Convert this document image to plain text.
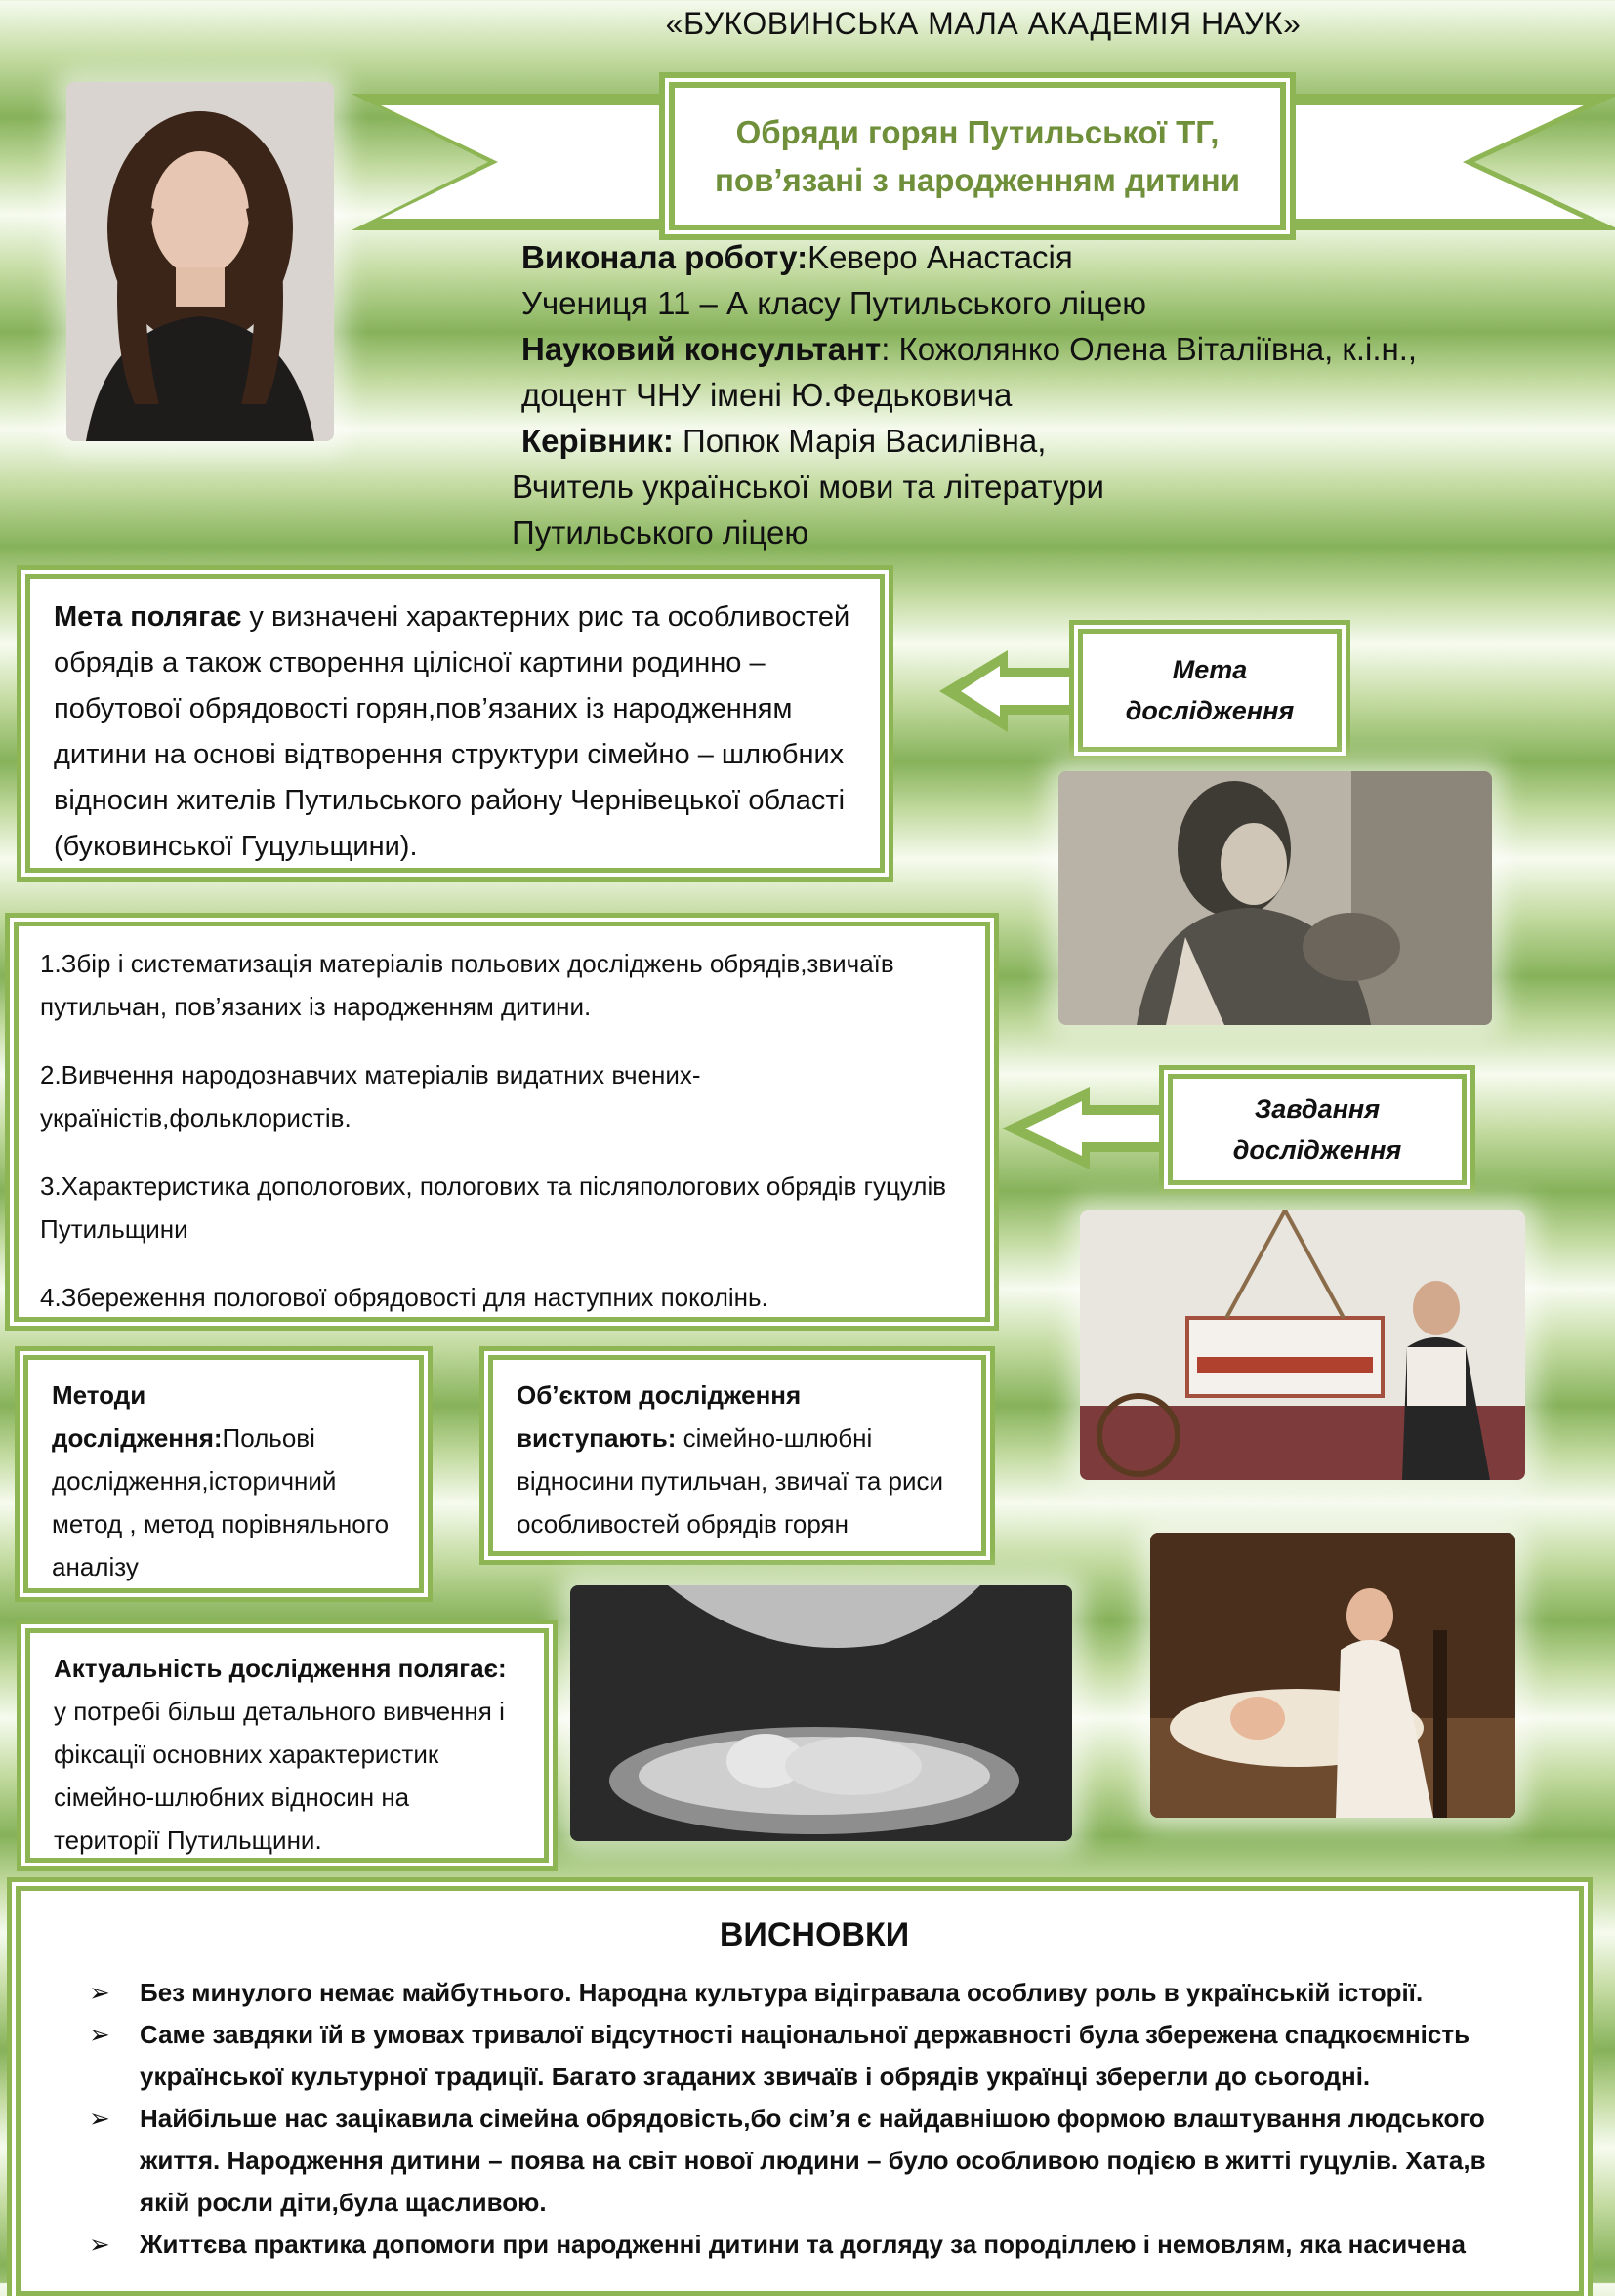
«БУКОВИНСЬКА МАЛА АКАДЕМІЯ НАУК»
Обряди горян Путильської ТГ,
пов’язані з народженням дитини
Виконала роботу:Keверо Анастасія
Учениця 11 – А класу Путильського ліцею
Науковий консультант: Кожолянко Олена Віталіївна, к.і.н.,
доцент ЧНУ імені Ю.Федьковича
Керівник: Попюк Марія Василівна,
Вчитель української мови та літератури
Путильського ліцею
Мета полягає у визначені характерних рис та особливостей обрядів а також створення цілісної картини родинно – побутової обрядовості горян,пов’язаних із народженням дитини на основі відтворення структури сімейно – шлюбних відносин жителів Путильського району Чернівецької області (буковинської Гуцульщини).
Мета
дослідження

1.Збір і систематизація матеріалів польових досліджень обрядів,звичаїв путильчан, пов’язаних із народженням дитини.

2.Вивчення народознавчих матеріалів видатних вчених-українiстів,фольклористів.

3.Характеристика допологових, пологових та післяпологових обрядів гуцулів Путильщини

4.Збереження пологової обрядовості для наступних поколінь.

Завдання
дослідження
Методи дослідження:Польові дослідження,історичний метод , метод порівняльного аналізу
Об’єктом дослідження виступають: сімейно-шлюбні відносини путильчан, звичаї та риси особливостей обрядів горян
Актуальність дослідження полягає:
у потребі більш детального вивчення і фіксації основних характеристик сімейно-шлюбних відносин на території Путильщини.
ВИСНОВКИ
➢ Без минулого немає майбутнього. Народна культура відігравала особливу роль в українській історії.
➢ Саме завдяки їй в умовах тривалої відсутності національної державності була збережена спадкоємність української культурної традиції. Багато згаданих звичаїв і обрядів українці зберегли до сьогодні.
➢ Найбільше нас зацікавила сімейна обрядовість,бо сім’я є найдавнішою формою влаштування людського життя. Народження дитини – поява на світ нової людини – було особливою подією в житті гуцулів. Хата,в якій росли діти,була щасливою.
➢ Життєва практика допомоги при народженні дитини та догляду за породіллею і немовлям, яка насичена
